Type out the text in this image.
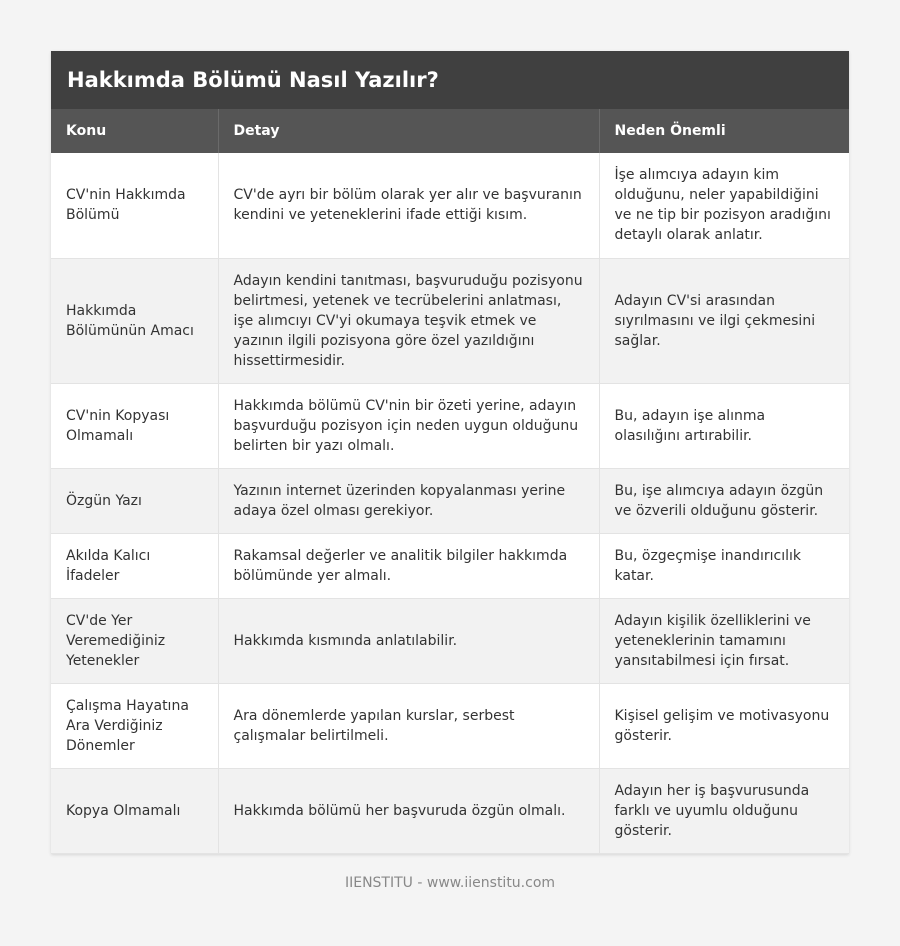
Hakkımda Bölümü Nasıl Yazılır?
Konu	Detay	Neden Önemli
CV'nin Hakkımda Bölümü	CV'de ayrı bir bölüm olarak yer alır ve başvuranın kendini ve yeteneklerini ifade ettiği kısım.	İşe alımcıya adayın kim olduğunu, neler yapabildiğini ve ne tip bir pozisyon aradığını detaylı olarak anlatır.
Hakkımda Bölümünün Amacı	Adayın kendini tanıtması, başvuruduğu pozisyonu belirtmesi, yetenek ve tecrübelerini anlatması, işe alımcıyı CV'yi okumaya teşvik etmek ve yazının ilgili pozisyona göre özel yazıldığını hissettirmesidir.	Adayın CV'si arasından sıyrılmasını ve ilgi çekmesini sağlar.
CV'nin Kopyası Olmamalı	Hakkımda bölümü CV'nin bir özeti yerine, adayın başvurduğu pozisyon için neden uygun olduğunu belirten bir yazı olmalı.	Bu, adayın işe alınma olasılığını artırabilir.
Özgün Yazı	Yazının internet üzerinden kopyalanması yerine adaya özel olması gerekiyor.	Bu, işe alımcıya adayın özgün ve özverili olduğunu gösterir.
Akılda Kalıcı İfadeler	Rakamsal değerler ve analitik bilgiler hakkımda bölümünde yer almalı.	Bu, özgeçmişe inandırıcılık katar.
CV'de Yer Veremediğiniz Yetenekler	Hakkımda kısmında anlatılabilir.	Adayın kişilik özelliklerini ve yeteneklerinin tamamını yansıtabilmesi için fırsat.
Çalışma Hayatına Ara Verdiğiniz Dönemler	Ara dönemlerde yapılan kurslar, serbest çalışmalar belirtilmeli.	Kişisel gelişim ve motivasyonu gösterir.
Kopya Olmamalı	Hakkımda bölümü her başvuruda özgün olmalı.	Adayın her iş başvurusunda farklı ve uyumlu olduğunu gösterir.
IIENSTITU - www.iienstitu.com
